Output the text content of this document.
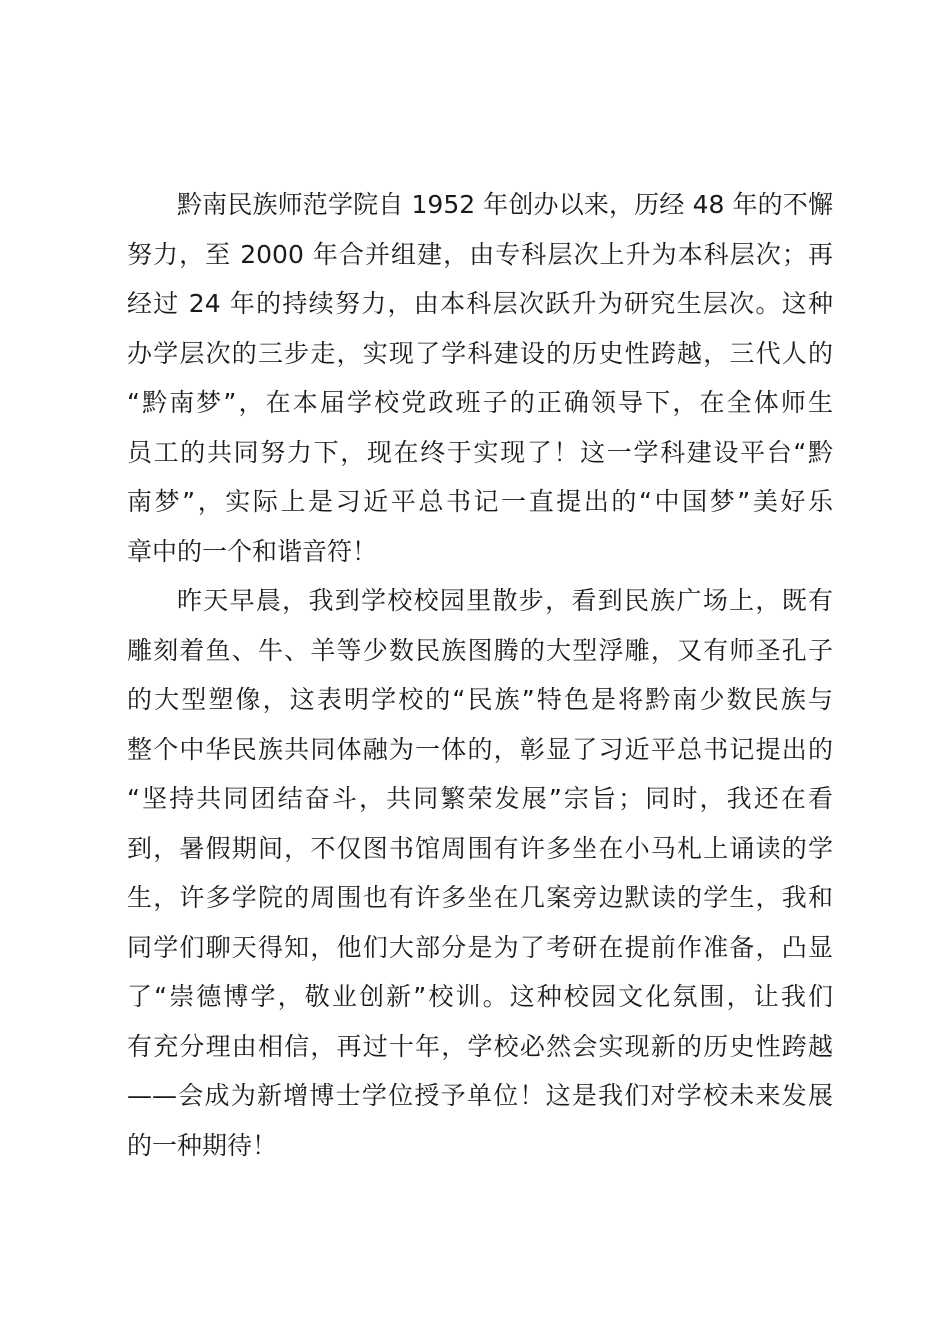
黔南民族师范学院自 1952 年创办以来，历经 48 年的不懈
努力，至 2000 年合并组建，由专科层次上升为本科层次；再
经过 24 年的持续努力，由本科层次跃升为研究生层次。这种
办学层次的三步走，实现了学科建设的历史性跨越，三代人的
“黔南梦”，在本届学校党政班子的正确领导下，在全体师生
员工的共同努力下，现在终于实现了！这一学科建设平台“黔
南梦”，实际上是习近平总书记一直提出的“中国梦”美好乐
章中的一个和谐音符！
昨天早晨，我到学校校园里散步，看到民族广场上，既有
雕刻着鱼、牛、羊等少数民族图腾的大型浮雕，又有师圣孔子
的大型塑像，这表明学校的“民族”特色是将黔南少数民族与
整个中华民族共同体融为一体的，彰显了习近平总书记提出的
“坚持共同团结奋斗，共同繁荣发展”宗旨；同时，我还在看
到，暑假期间，不仅图书馆周围有许多坐在小马札上诵读的学
生，许多学院的周围也有许多坐在几案旁边默读的学生，我和
同学们聊天得知，他们大部分是为了考研在提前作准备，凸显
了“崇德博学，敬业创新”校训。这种校园文化氛围，让我们
有充分理由相信，再过十年，学校必然会实现新的历史性跨越
——会成为新增博士学位授予单位！这是我们对学校未来发展
的一种期待！
